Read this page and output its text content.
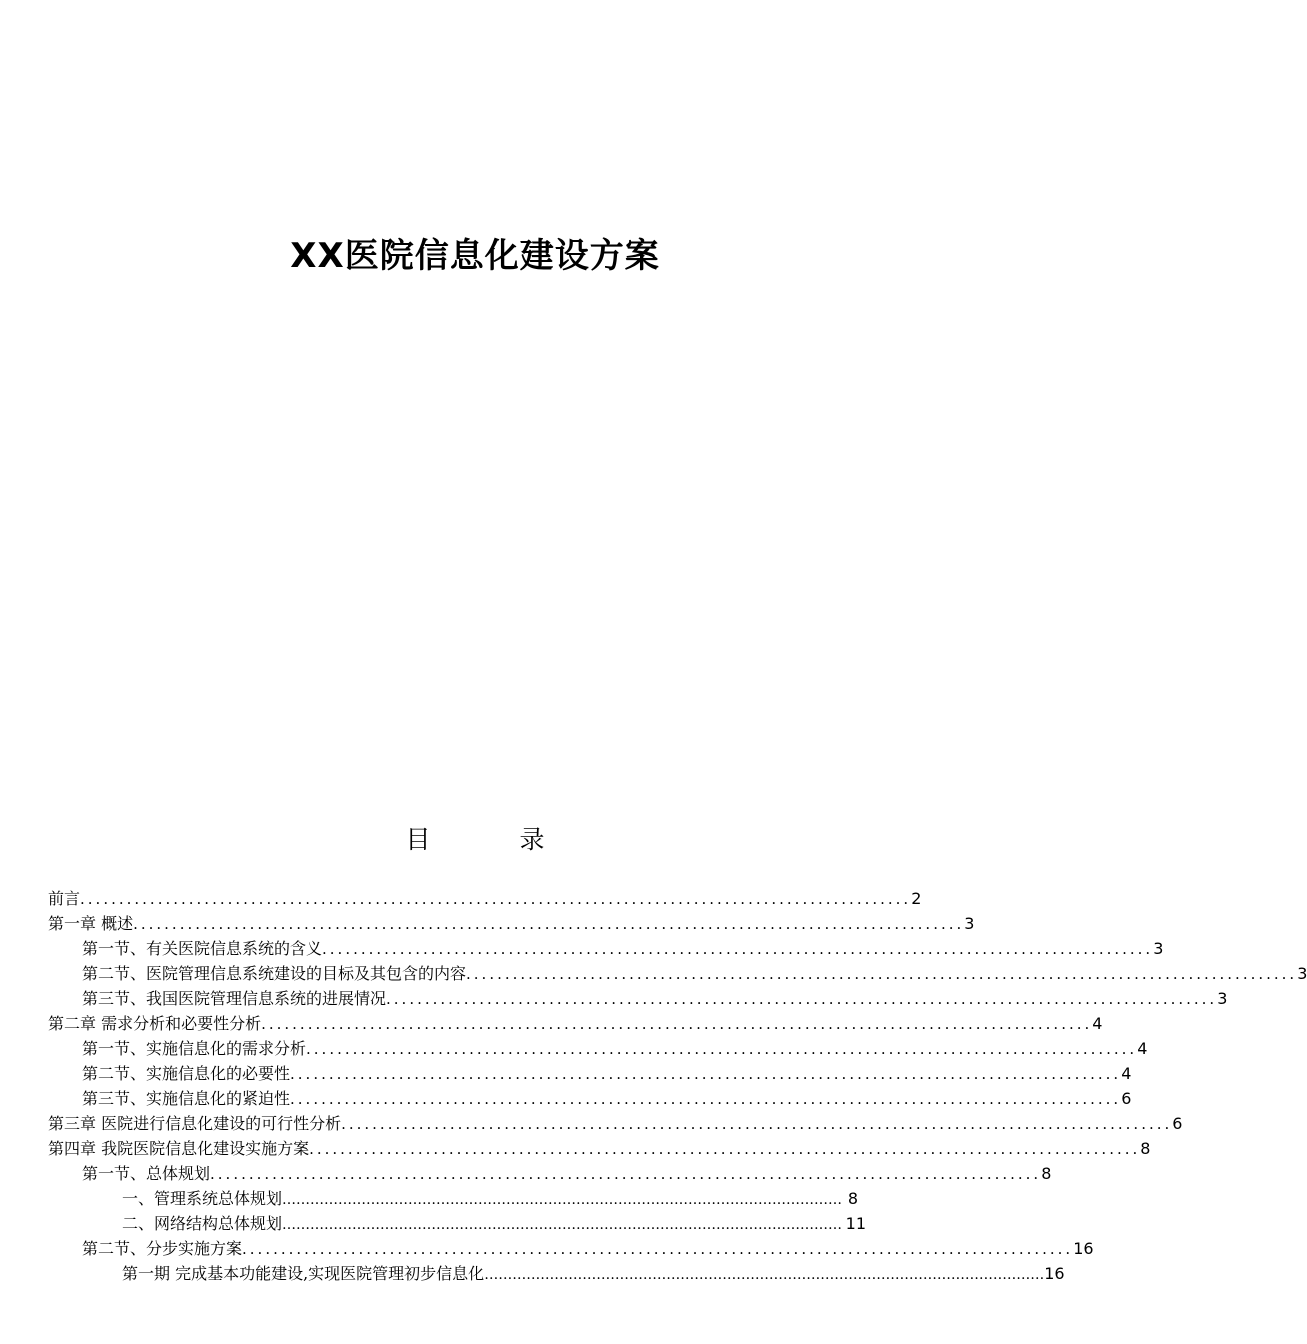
XX医院信息化建设方案
目　录
前言 ........................................................................................................... 2
第一章 概述 ........................................................................................................... 3
第一节、有关医院信息系统的含义 ........................................................................................................... 3
第二节、医院管理信息系统建设的目标及其包含的内容 ........................................................................................................... 3
第三节、我国医院管理信息系统的进展情况 ........................................................................................................... 3
第二章 需求分析和必要性分析 ........................................................................................................... 4
第一节、实施信息化的需求分析 ........................................................................................................... 4
第二节、实施信息化的必要性 ........................................................................................................... 4
第三节、实施信息化的紧迫性 ........................................................................................................... 6
第三章 医院进行信息化建设的可行性分析 ........................................................................................................... 6
第四章 我院医院信息化建设实施方案 ........................................................................................................... 8
第一节、总体规划 ........................................................................................................... 8
一、管理系统总体规划 ………………………………………………………………………………………………………… 8
二、网络结构总体规划 ………………………………………………………………………………………………………… 11
第二节、分步实施方案 ........................................................................................................... 16
第一期 完成基本功能建设,实现医院管理初步信息化 ………………………………………………………………………………………………………… 16
